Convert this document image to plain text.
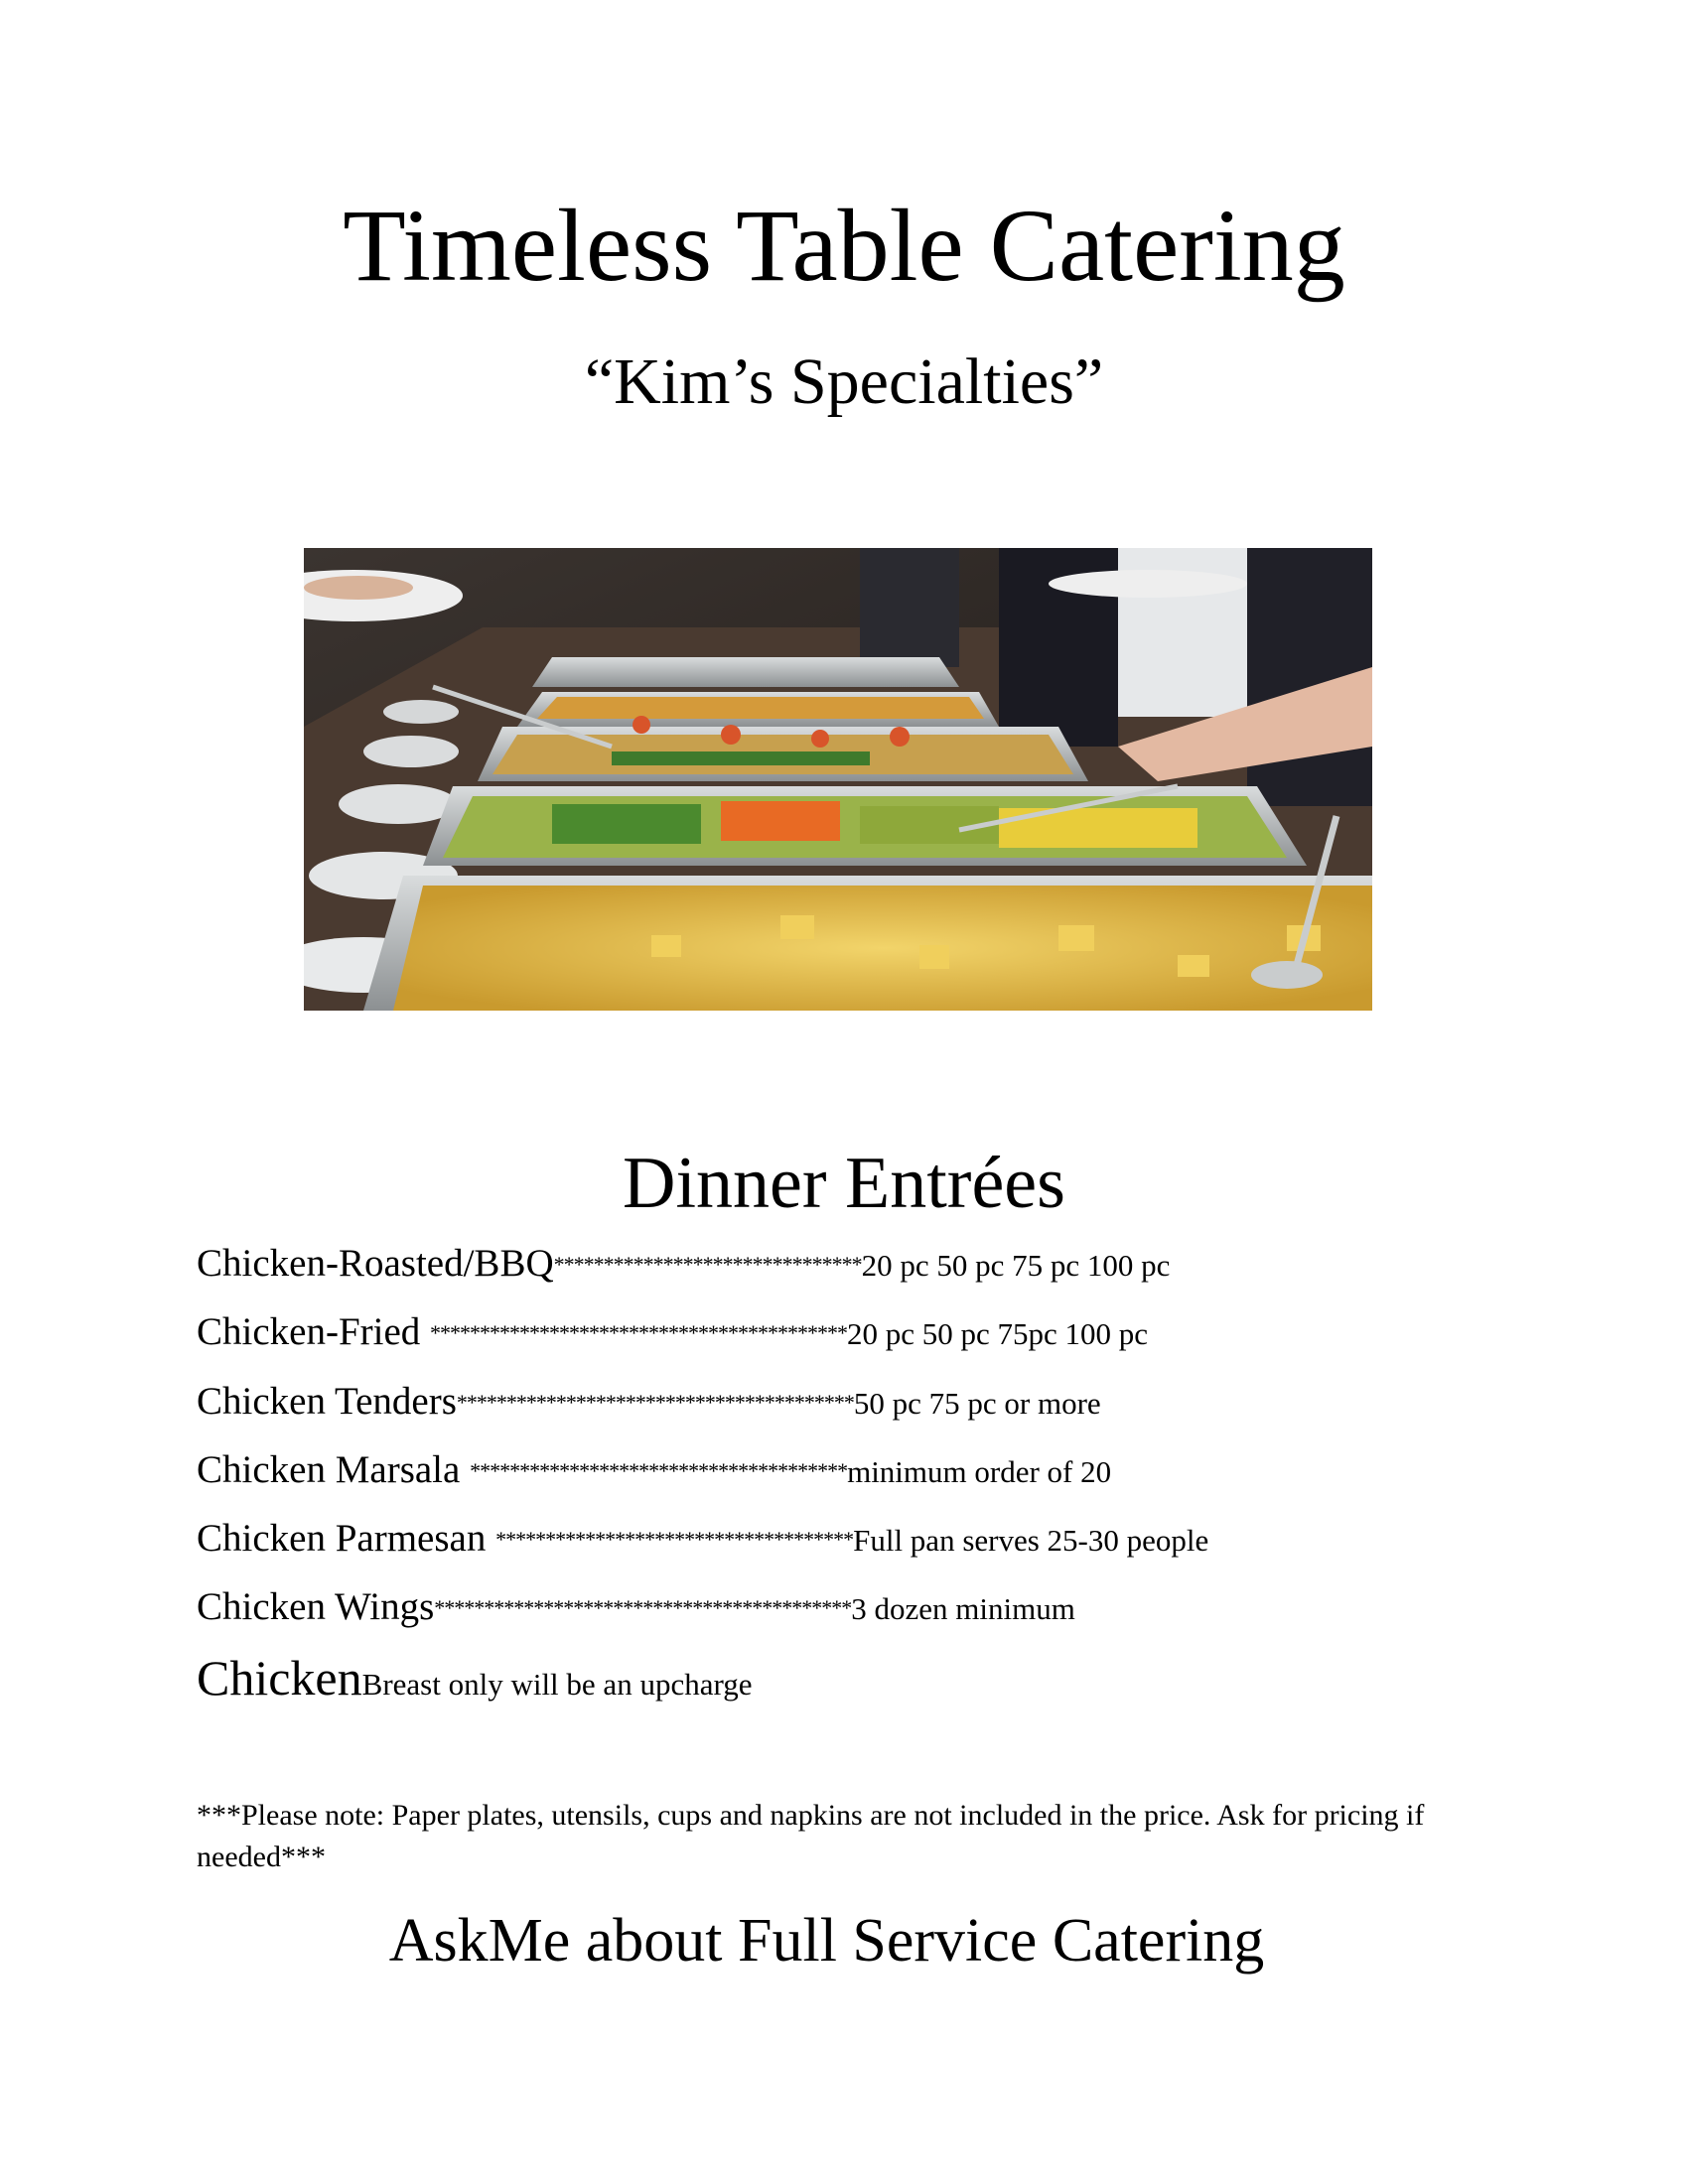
Timeless Table Catering
“Kim’s Specialties”
Dinner Entrées
Chicken-Roasted/BBQ*******************************20 pc 50 pc 75 pc 100 pc
Chicken-Fried ******************************************20 pc 50 pc 75pc 100 pc
Chicken Tenders****************************************50 pc 75 pc or more
Chicken Marsala **************************************minimum order of 20
Chicken Parmesan ************************************Full pan serves 25-30 people
Chicken Wings******************************************3 dozen minimum
ChickenBreast only will be an upcharge

***Please note: Paper plates, utensils, cups and napkins are not included in the price. Ask for pricing if needed***

AskMe about Full Service Catering
